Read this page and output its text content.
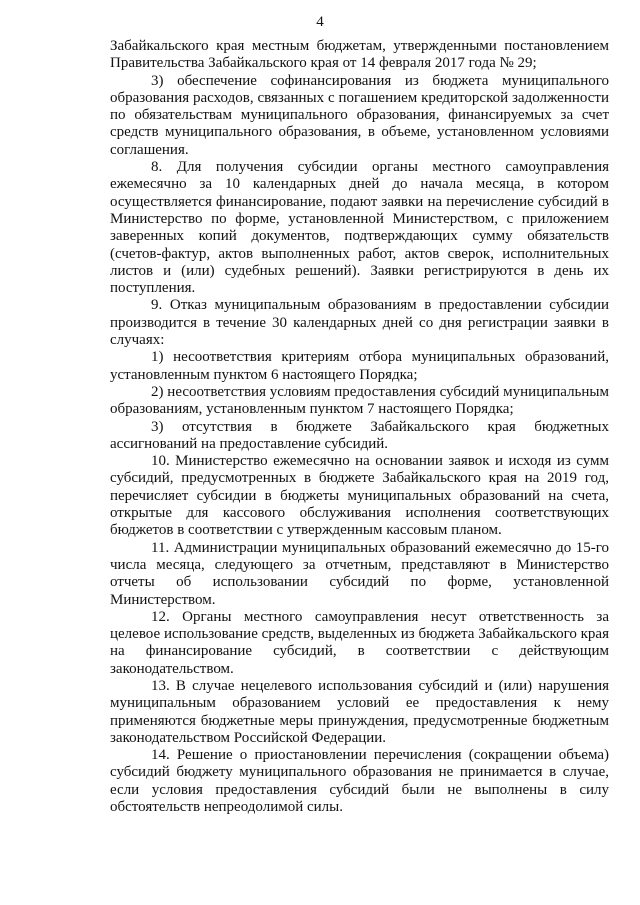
4

Забайкальского края местным бюджетам, утвержденными постановлением Правительства Забайкальского края от 14 февраля 2017 года № 29;

3) обеспечение софинансирования из бюджета муниципального образования расходов, связанных с погашением кредиторской задолженности по обязательствам муниципального образования, финансируемых за счет средств муниципального образования, в объеме, установленном условиями соглашения.

8. Для получения субсидии органы местного самоуправления ежемесячно за 10 календарных дней до начала месяца, в котором осуществляется финансирование, подают заявки на перечисление субсидий в Министерство по форме, установленной Министерством, с приложением заверенных копий документов, подтверждающих сумму обязательств (счетов-фактур, актов выполненных работ, актов сверок, исполнительных листов и (или) судебных решений). Заявки регистрируются в день их поступления.

9. Отказ муниципальным образованиям в предоставлении субсидии производится в течение 30 календарных дней со дня регистрации заявки в случаях:

1) несоответствия критериям отбора муниципальных образований, установленным пунктом 6 настоящего Порядка;

2) несоответствия условиям предоставления субсидий муниципальным образованиям, установленным пунктом 7 настоящего Порядка;

3) отсутствия в бюджете Забайкальского края бюджетных ассигнований на предоставление субсидий.

10. Министерство ежемесячно на основании заявок и исходя из сумм субсидий, предусмотренных в бюджете Забайкальского края на 2019 год, перечисляет субсидии в бюджеты муниципальных образований на счета, открытые для кассового обслуживания исполнения соответствующих бюджетов в соответствии с утвержденным кассовым планом.

11. Администрации муниципальных образований ежемесячно до 15-го числа месяца, следующего за отчетным, представляют в Министерство отчеты об использовании субсидий по форме, установленной Министерством.

12. Органы местного самоуправления несут ответственность за целевое использование средств, выделенных из бюджета Забайкальского края на финансирование субсидий, в соответствии с действующим законодательством.

13. В случае нецелевого использования субсидий и (или) нарушения муниципальным образованием условий ее предоставления к нему применяются бюджетные меры принуждения, предусмотренные бюджетным законодательством Российской Федерации.

14. Решение о приостановлении перечисления (сокращении объема) субсидий бюджету муниципального образования не принимается в случае, если условия предоставления субсидий были не выполнены в силу обстоятельств непреодолимой силы.
